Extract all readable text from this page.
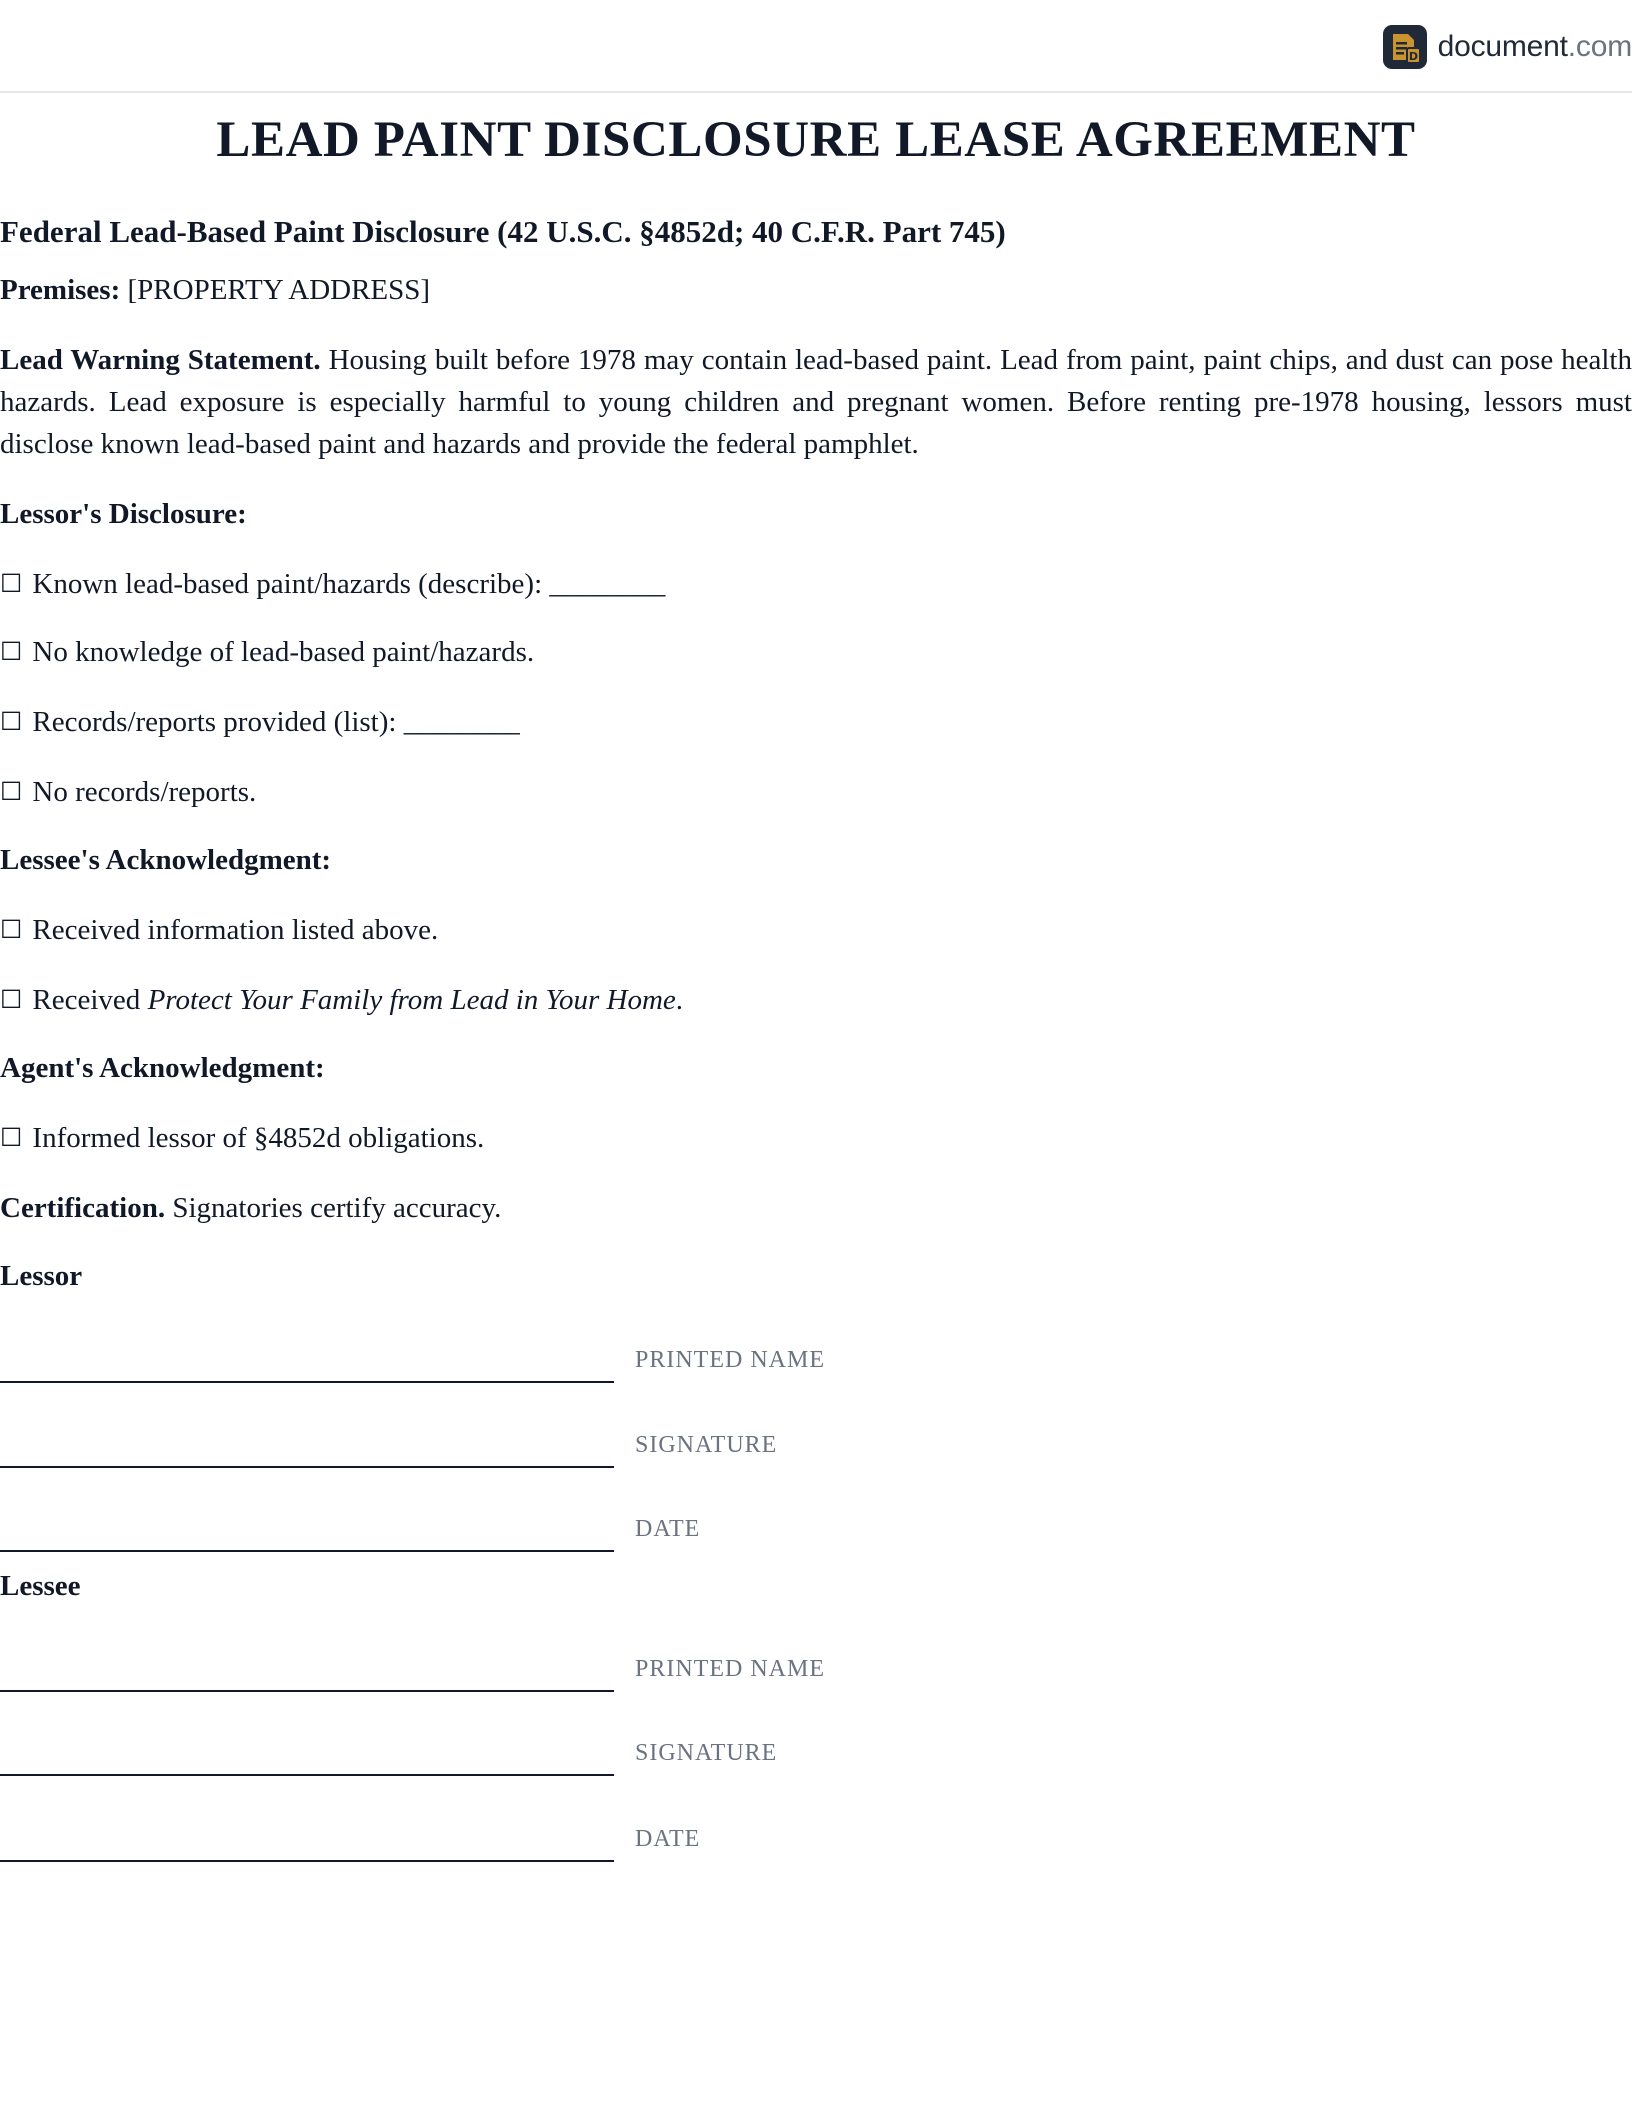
D document.com
LEAD PAINT DISCLOSURE LEASE AGREEMENT
Federal Lead-Based Paint Disclosure (42 U.S.C. §4852d; 40 C.F.R. Part 745)
Premises: [PROPERTY ADDRESS]
Lead Warning Statement. Housing built before 1978 may contain lead-based paint. Lead from paint, paint chips, and dust can pose health hazards. Lead exposure is especially harmful to young children and pregnant women. Before renting pre-1978 housing, lessors must disclose known lead-based paint and hazards and provide the federal pamphlet.
Lessor's Disclosure:
☐ Known lead-based paint/hazards (describe): ________
☐ No knowledge of lead-based paint/hazards.
☐ Records/reports provided (list): ________
☐ No records/reports.
Lessee's Acknowledgment:
☐ Received information listed above.
☐ Received Protect Your Family from Lead in Your Home.
Agent's Acknowledgment:
☐ Informed lessor of §4852d obligations.
Certification. Signatories certify accuracy.
Lessor
PRINTED NAME
SIGNATURE
DATE
Lessee
PRINTED NAME
SIGNATURE
DATE
